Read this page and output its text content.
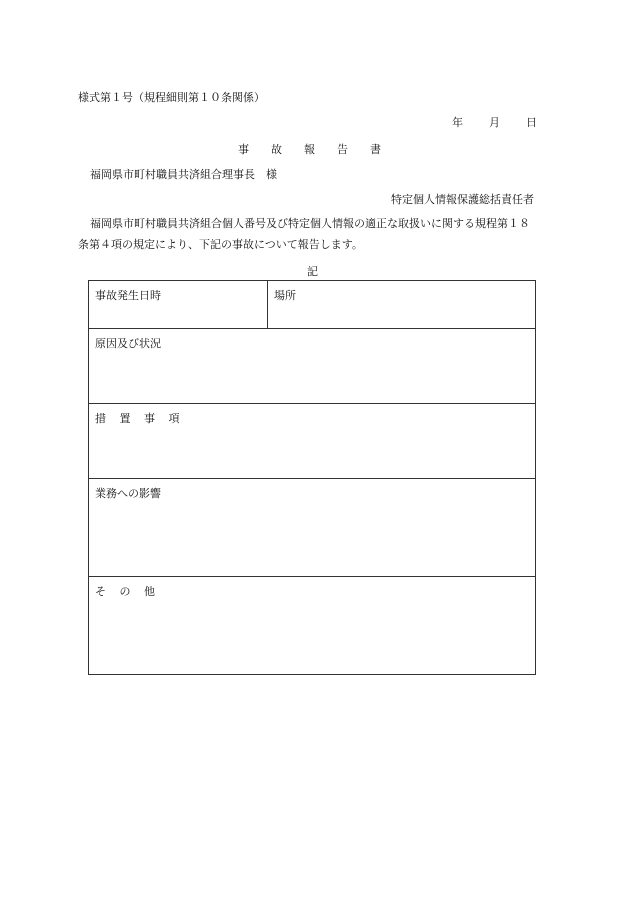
様式第１号（規程細則第１０条関係）
年 月 日
事 故 報 告 書
福岡県市町村職員共済組合理事長　様
特定個人情報保護総括責任者
福岡県市町村職員共済組合個人番号及び特定個人情報の適正な取扱いに関する規程第１８条第４項の規定により、下記の事故について報告します。
記
事故発生日時	場所
原因及び状況
措 置 事 項
業務への影響
そ の 他
